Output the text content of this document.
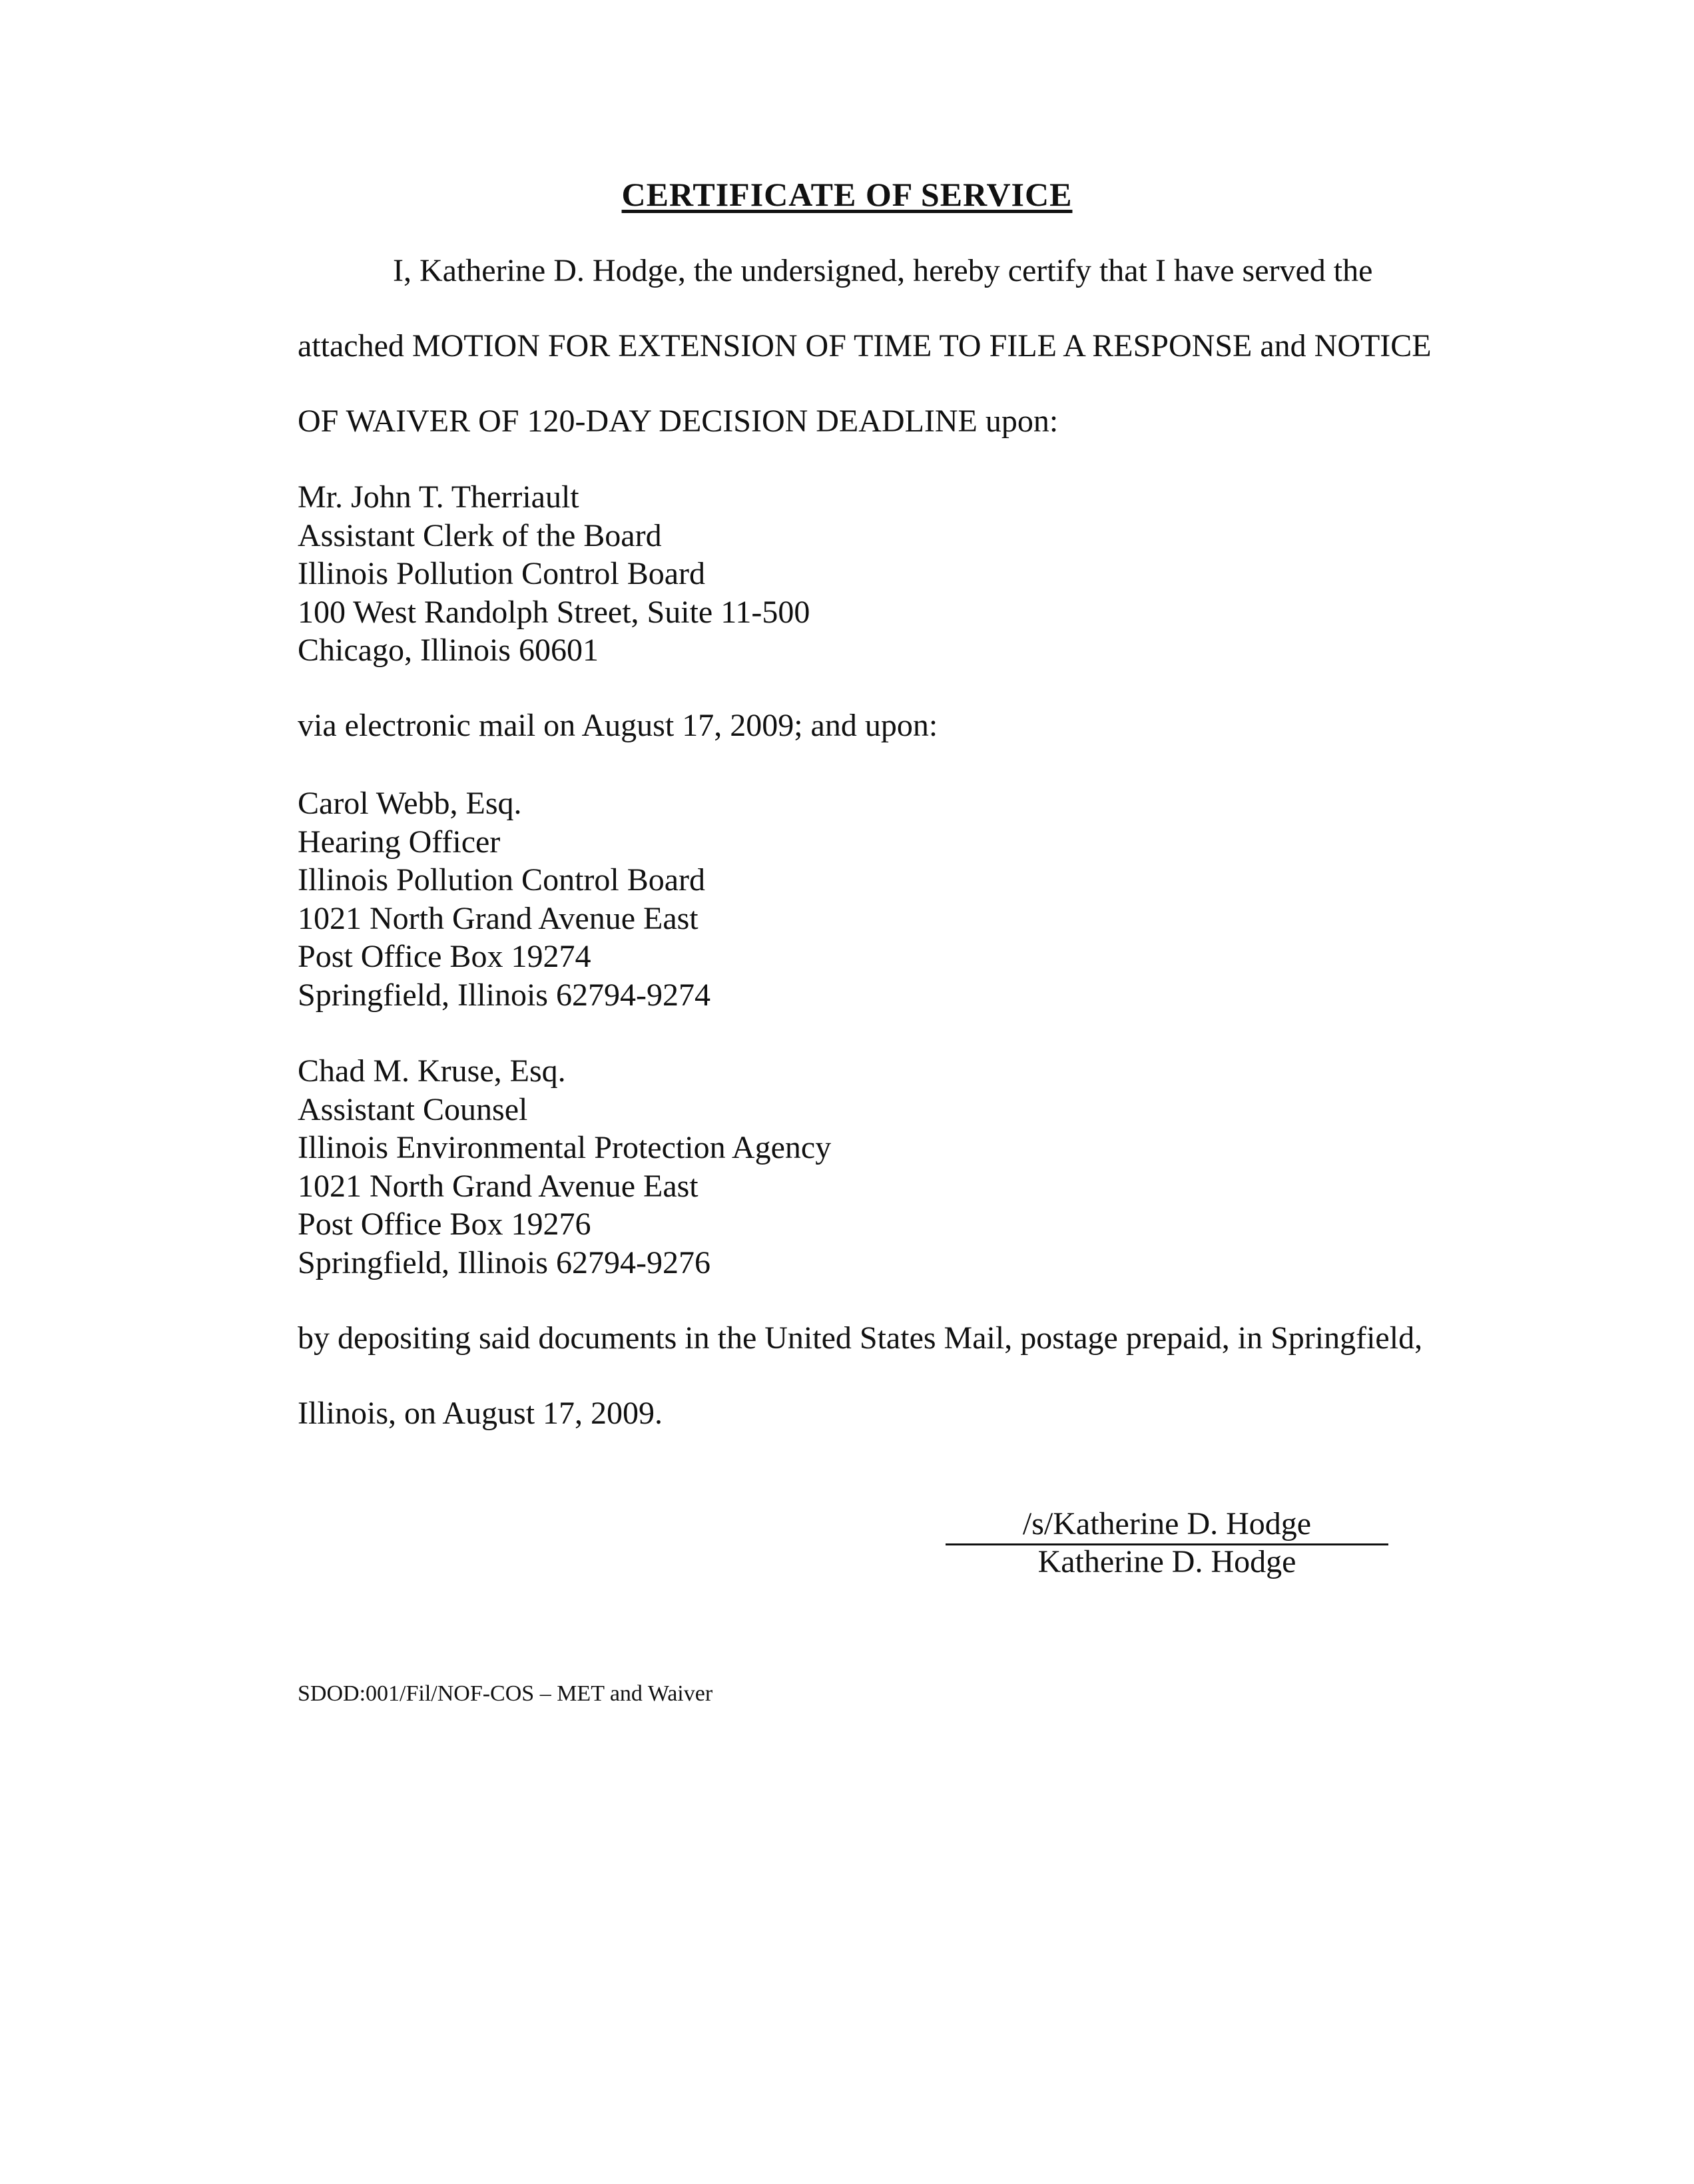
CERTIFICATE OF SERVICE
I, Katherine D. Hodge, the undersigned, hereby certify that I have served the
attached MOTION FOR EXTENSION OF TIME TO FILE A RESPONSE and NOTICE
OF WAIVER OF 120-DAY DECISION DEADLINE upon:
Mr. John T. Therriault
Assistant Clerk of the Board
Illinois Pollution Control Board
100 West Randolph Street, Suite 11-500
Chicago, Illinois 60601
via electronic mail on August 17, 2009; and upon:
Carol Webb, Esq.
Hearing Officer
Illinois Pollution Control Board
1021 North Grand Avenue East
Post Office Box 19274
Springfield, Illinois 62794-9274
Chad M. Kruse, Esq.
Assistant Counsel
Illinois Environmental Protection Agency
1021 North Grand Avenue East
Post Office Box 19276
Springfield, Illinois 62794-9276
by depositing said documents in the United States Mail, postage prepaid, in Springfield,
Illinois, on August 17, 2009.
/s/Katherine D. Hodge
Katherine D. Hodge
SDOD:001/Fil/NOF-COS – MET and Waiver
